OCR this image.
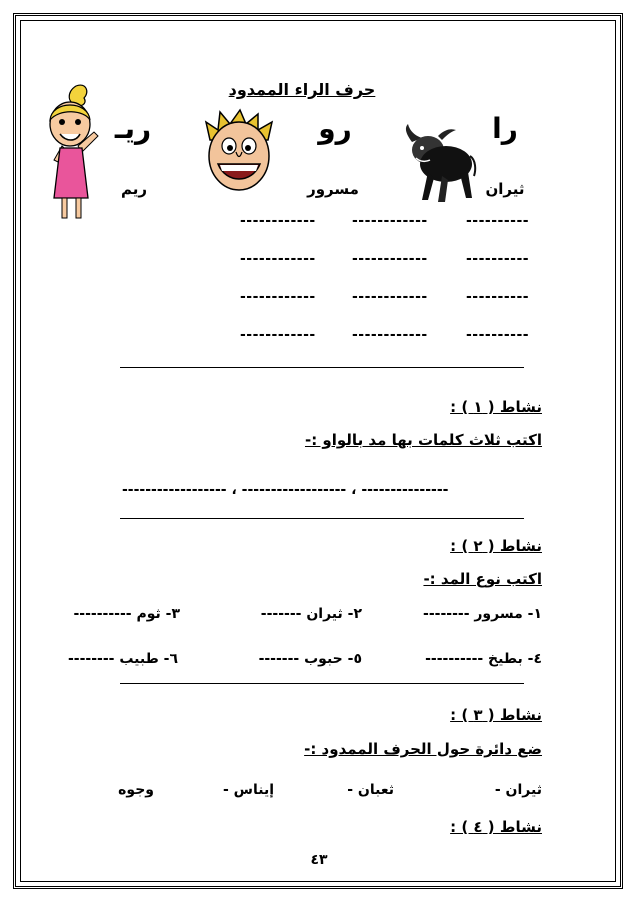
حرف الراء الممدود
را
رو
ريـ
ثيران
مسرور
ريم
----------
------------
------------
----------
------------
------------
----------
------------
------------
----------
------------
------------
نشاط ( ١ ) :
اكتب ثلاث كلمات بها مد بالواو :-
--------------- ، ------------------ ، ------------------
نشاط ( ٢ ) :
اكتب نوع المد :-
١- مسرور --------
٢- ثيران -------
٣- ثوم ----------
٤- بطيخ ----------
٥- حبوب -------
٦- طبيب --------
نشاط ( ٣ ) :
ضع دائرة حول الحرف الممدود :-
ثيران -
ثعبان -
إيناس -
وجوه
نشاط ( ٤ ) :
٤٣
